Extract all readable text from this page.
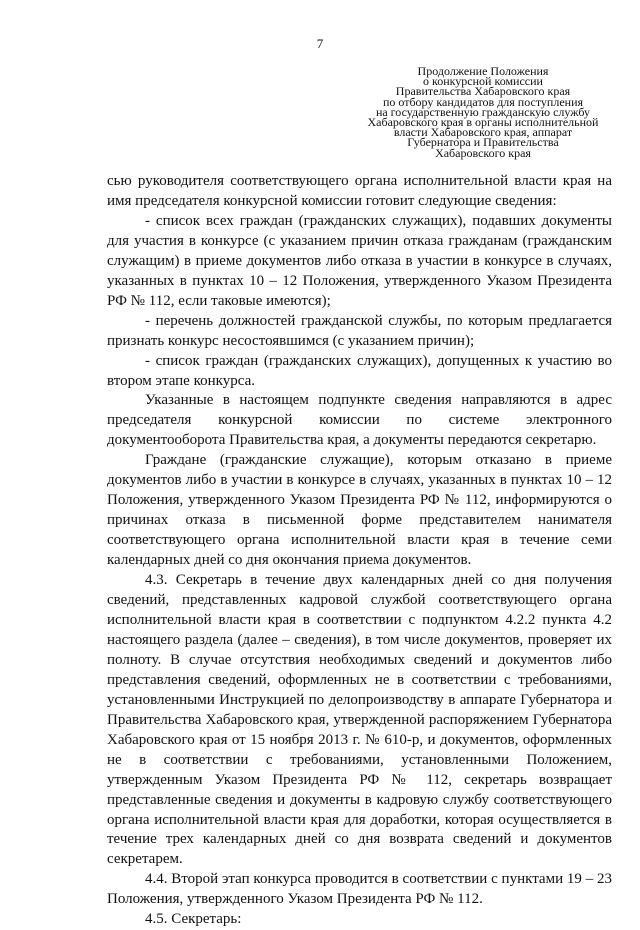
7
Продолжение Положения
о конкурсной комиссии
Правительства Хабаровского края
по отбору кандидатов для поступления
на государственную гражданскую службу
Хабаровского края в органы исполнительной
власти Хабаровского края, аппарат
Губернатора и Правительства
Хабаровского края

сью руководителя соответствующего органа исполнительной власти края на имя председателя конкурсной комиссии готовит следующие сведения:

- список всех граждан (гражданских служащих), подавших документы для участия в конкурсе (с указанием причин отказа гражданам (гражданским служащим) в приеме документов либо отказа в участии в конкурсе в случаях, указанных в пунктах 10 – 12 Положения, утвержденного Указом Президента РФ № 112, если таковые имеются);

- перечень должностей гражданской службы, по которым предлагается признать конкурс несостоявшимся (с указанием причин);

- список граждан (гражданских служащих), допущенных к участию во втором этапе конкурса.

Указанные в настоящем подпункте сведения направляются в адрес председателя конкурсной комиссии по системе электронного документооборота Правительства края, а документы передаются секретарю.

Граждане (гражданские служащие), которым отказано в приеме документов либо в участии в конкурсе в случаях, указанных в пунктах 10 – 12 Положения, утвержденного Указом Президента РФ № 112, информируются о причинах отказа в письменной форме представителем нанимателя соответствующего органа исполнительной власти края в течение семи календарных дней со дня окончания приема документов.

4.3. Секретарь в течение двух календарных дней со дня получения сведений, представленных кадровой службой соответствующего органа исполнительной власти края в соответствии с подпунктом 4.2.2 пункта 4.2 настоящего раздела (далее – сведения), в том числе документов, проверяет их полноту. В случае отсутствия необходимых сведений и документов либо представления сведений, оформленных не в соответствии с требованиями, установленными Инструкцией по делопроизводству в аппарате Губернатора и Правительства Хабаровского края, утвержденной распоряжением Губернатора Хабаровского края от 15 ноября 2013 г. № 610-р, и документов, оформленных не в соответствии с требованиями, установленными Положением, утвержденным Указом Президента РФ № 112, секретарь возвращает представленные сведения и документы в кадровую службу соответствующего органа исполнительной власти края для доработки, которая осуществляется в течение трех календарных дней со дня возврата сведений и документов секретарем.

4.4. Второй этап конкурса проводится в соответствии с пунктами 19 – 23 Положения, утвержденного Указом Президента РФ № 112.

4.5. Секретарь:
